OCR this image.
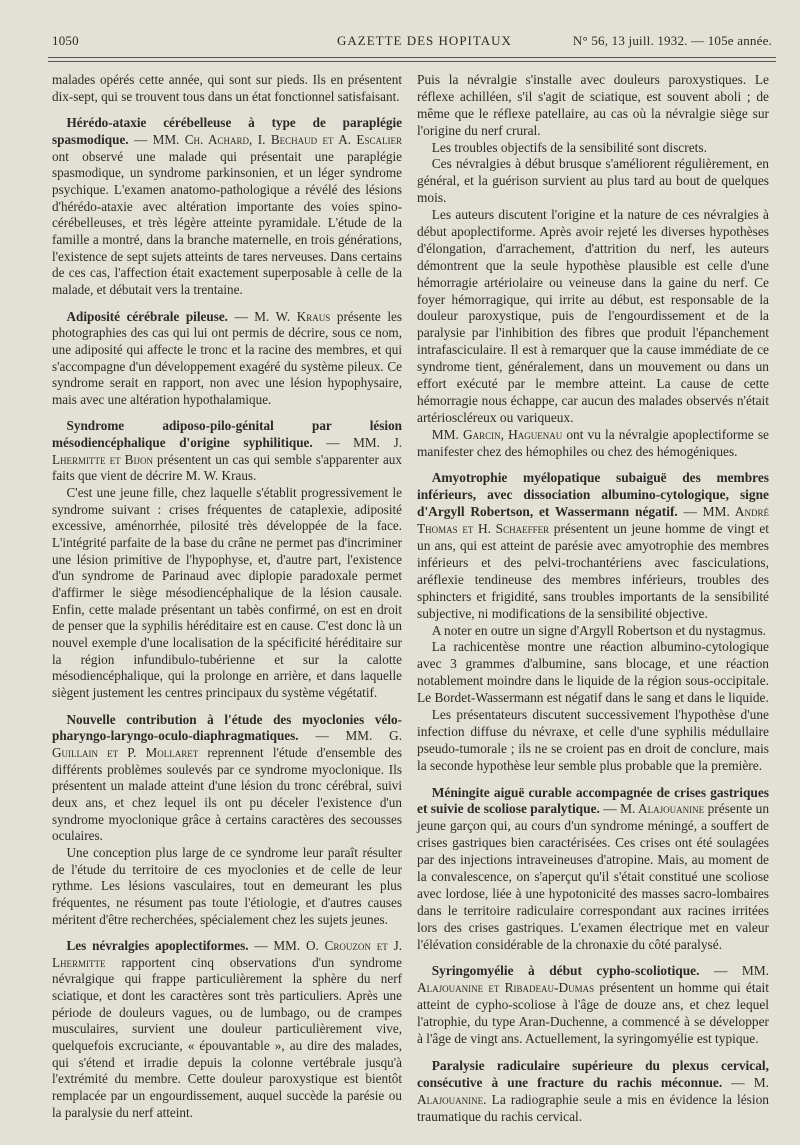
1050	GAZETTE DES HOPITAUX	N° 56, 13 juill. 1932. — 105e année.

malades opérés cette année, qui sont sur pieds. Ils en présentent dix-sept, qui se trouvent tous dans un état fonctionnel satisfaisant.

Hérédo-ataxie cérébelleuse à type de paraplégie spasmodique. — MM. Ch. Achard, I. Bechaud et A. Escalier ont observé une malade qui présentait une paraplégie spasmodique, un syndrome parkinsonien, et un léger syndrome psychique. L'examen anatomo-pathologique a révélé des lésions d'hérédo-ataxie avec altération importante des voies spino-cérébelleuses, et très légère atteinte pyramidale. L'étude de la famille a montré, dans la branche maternelle, en trois générations, l'existence de sept sujets atteints de tares nerveuses. Dans certains de ces cas, l'affection était exactement superposable à celle de la malade, et débutait vers la trentaine.

Adiposité cérébrale pileuse. — M. W. Kraus présente les photographies des cas qui lui ont permis de décrire, sous ce nom, une adiposité qui affecte le tronc et la racine des membres, et qui s'accompagne d'un développement exagéré du système pileux. Ce syndrome serait en rapport, non avec une lésion hypophysaire, mais avec une altération hypothalamique.

Syndrome adiposo-pilo-génital par lésion mésodiencéphalique d'origine syphilitique. — MM. J. Lhermitte et Bijon présentent un cas qui semble s'apparenter aux faits que vient de décrire M. W. Kraus.

C'est une jeune fille, chez laquelle s'établit progressivement le syndrome suivant : crises fréquentes de cataplexie, adiposité excessive, aménorrhée, pilosité très développée de la face. L'intégrité parfaite de la base du crâne ne permet pas d'incriminer une lésion primitive de l'hypophyse, et, d'autre part, l'existence d'un syndrome de Parinaud avec diplopie paradoxale permet d'affirmer le siège mésodiencéphalique de la lésion causale. Enfin, cette malade présentant un tabès confirmé, on est en droit de penser que la syphilis héréditaire est en cause. C'est donc là un nouvel exemple d'une localisation de la spécificité héréditaire sur la région infundibulo-tubérienne et sur la calotte mésodiencéphalique, qui la prolonge en arrière, et dans laquelle siègent justement les centres principaux du système végétatif.

Nouvelle contribution à l'étude des myoclonies vélo-pharyngo-laryngo-oculo-diaphragmatiques. — MM. G. Guillain et P. Mollaret reprennent l'étude d'ensemble des différents problèmes soulevés par ce syndrome myoclonique. Ils présentent un malade atteint d'une lésion du tronc cérébral, suivi deux ans, et chez lequel ils ont pu déceler l'existence d'un syndrome myoclonique grâce à certains caractères des secousses oculaires.

Une conception plus large de ce syndrome leur paraît résulter de l'étude du territoire de ces myoclonies et de celle de leur rythme. Les lésions vasculaires, tout en demeurant les plus fréquentes, ne résument pas toute l'étiologie, et d'autres causes méritent d'être recherchées, spécialement chez les sujets jeunes.

Les névralgies apoplectiformes. — MM. O. Crouzon et J. Lhermitte rapportent cinq observations d'un syndrome névralgique qui frappe particulièrement la sphère du nerf sciatique, et dont les caractères sont très particuliers. Après une période de douleurs vagues, ou de lumbago, ou de crampes musculaires, survient une douleur particulièrement vive, quelquefois excruciante, « épouvantable », au dire des malades, qui s'étend et irradie depuis la colonne vertébrale jusqu'à l'extrémité du membre. Cette douleur paroxystique est bientôt remplacée par un engourdissement, auquel succède la parésie ou la paralysie du nerf atteint.

Puis la névralgie s'installe avec douleurs paroxystiques. Le réflexe achilléen, s'il s'agit de sciatique, est souvent aboli ; de même que le réflexe patellaire, au cas où la névralgie siège sur l'origine du nerf crural.

Les troubles objectifs de la sensibilité sont discrets.

Ces névralgies à début brusque s'améliorent régulièrement, en général, et la guérison survient au plus tard au bout de quelques mois.

Les auteurs discutent l'origine et la nature de ces névralgies à début apoplectiforme. Après avoir rejeté les diverses hypothèses d'élongation, d'arrachement, d'attrition du nerf, les auteurs démontrent que la seule hypothèse plausible est celle d'une hémorragie artériolaire ou veineuse dans la gaine du nerf. Ce foyer hémorragique, qui irrite au début, est responsable de la douleur paroxystique, puis de l'engourdissement et de la paralysie par l'inhibition des fibres que produit l'épanchement intrafasciculaire. Il est à remarquer que la cause immédiate de ce syndrome tient, généralement, dans un mouvement ou dans un effort exécuté par le membre atteint. La cause de cette hémorragie nous échappe, car aucun des malades observés n'était artérioscléreux ou variqueux.

MM. Garcin, Haguenau ont vu la névralgie apoplectiforme se manifester chez des hémophiles ou chez des hémogéniques.

Amyotrophie myélopatique subaiguë des membres inférieurs, avec dissociation albumino-cytologique, signe d'Argyll Robertson, et Wassermann négatif. — MM. André Thomas et H. Schaeffer présentent un jeune homme de vingt et un ans, qui est atteint de parésie avec amyotrophie des membres inférieurs et des pelvi-trochantériens avec fasciculations, aréflexie tendineuse des membres inférieurs, troubles des sphincters et frigidité, sans troubles importants de la sensibilité subjective, ni modifications de la sensibilité objective.

A noter en outre un signe d'Argyll Robertson et du nystagmus.

La rachicentèse montre une réaction albumino-cytologique avec 3 grammes d'albumine, sans blocage, et une réaction notablement moindre dans le liquide de la région sous-occipitale. Le Bordet-Wassermann est négatif dans le sang et dans le liquide.

Les présentateurs discutent successivement l'hypothèse d'une infection diffuse du névraxe, et celle d'une syphilis médullaire pseudo-tumorale ; ils ne se croient pas en droit de conclure, mais la seconde hypothèse leur semble plus probable que la première.

Méningite aiguë curable accompagnée de crises gastriques et suivie de scoliose paralytique. — M. Alajouanine présente un jeune garçon qui, au cours d'un syndrome méningé, a souffert de crises gastriques bien caractérisées. Ces crises ont été soulagées par des injections intraveineuses d'atropine. Mais, au moment de la convalescence, on s'aperçut qu'il s'était constitué une scoliose avec lordose, liée à une hypotonicité des masses sacro-lombaires dans le territoire radiculaire correspondant aux racines irritées lors des crises gastriques. L'examen électrique met en valeur l'élévation considérable de la chronaxie du côté paralysé.

Syringomyélie à début cypho-scoliotique. — MM. Alajouanine et Ribadeau-Dumas présentent un homme qui était atteint de cypho-scoliose à l'âge de douze ans, et chez lequel l'atrophie, du type Aran-Duchenne, a commencé à se développer à l'âge de vingt ans. Actuellement, la syringomyélie est typique.

Paralysie radiculaire supérieure du plexus cervical, consécutive à une fracture du rachis méconnue. — M. Alajouanine. La radiographie seule a mis en évidence la lésion traumatique du rachis cervical.
